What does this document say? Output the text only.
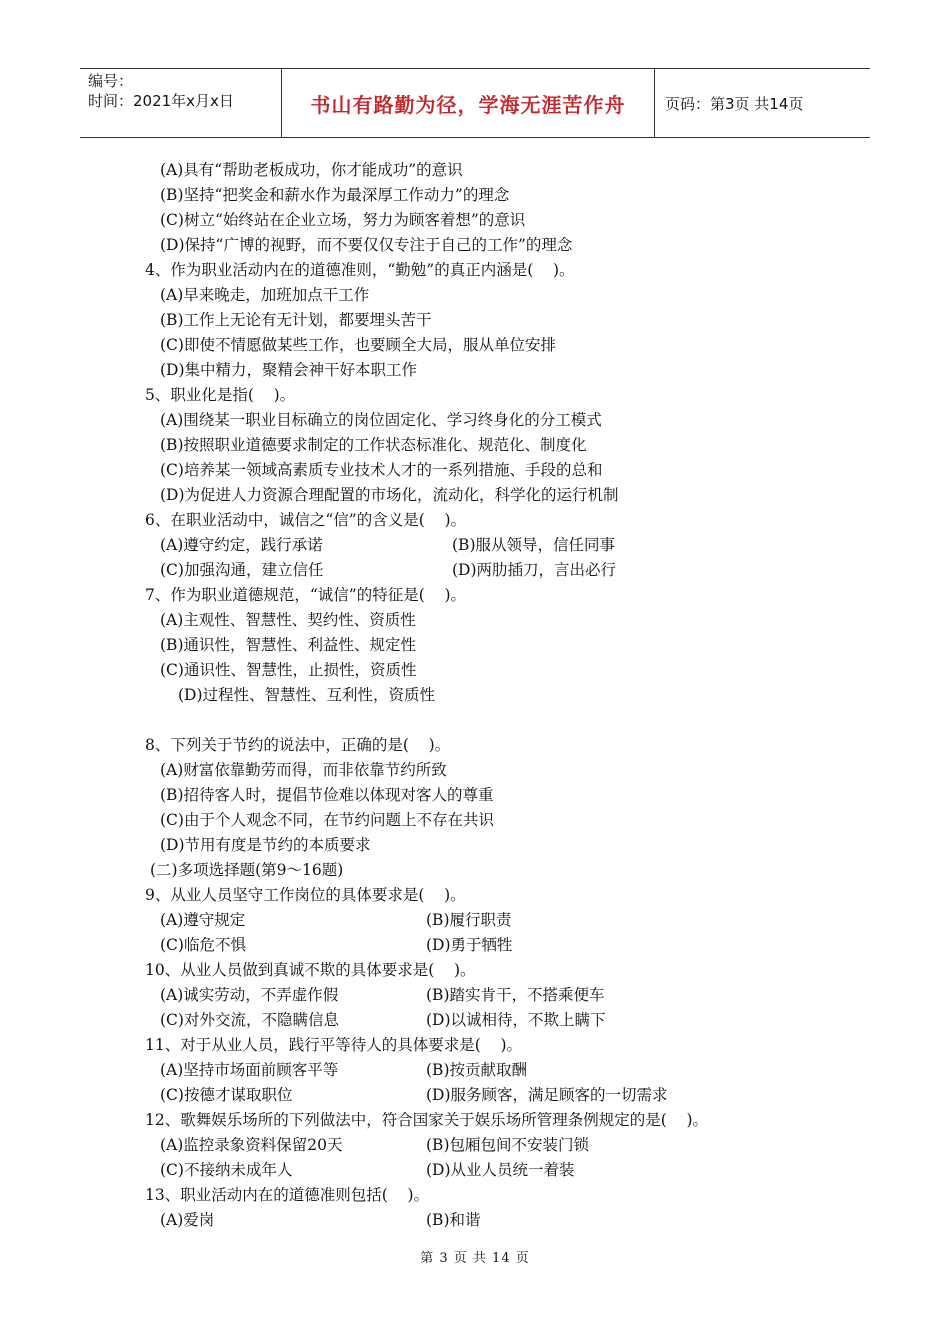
编号：
时间：2021年x月x日	书山有路勤为径，学海无涯苦作舟	页码：第3页 共14页
(A)具有“帮助老板成功，你才能成功”的意识
(B)坚持“把奖金和薪水作为最深厚工作动力”的理念
(C)树立“始终站在企业立场，努力为顾客着想”的意识
(D)保持“广博的视野，而不要仅仅专注于自己的工作”的理念
4、作为职业活动内在的道德准则，“勤勉”的真正内涵是(    )。
(A)早来晚走，加班加点干工作
(B)工作上无论有无计划，都要埋头苦干
(C)即使不情愿做某些工作，也要顾全大局，服从单位安排
(D)集中精力，聚精会神干好本职工作
5、职业化是指(    )。
(A)围绕某一职业目标确立的岗位固定化、学习终身化的分工模式
(B)按照职业道德要求制定的工作状态标准化、规范化、制度化
(C)培养某一领域高素质专业技术人才的一系列措施、手段的总和
(D)为促进人力资源合理配置的市场化，流动化，科学化的运行机制
6、在职业活动中，诚信之“信”的含义是(    )。
(A)遵守约定，践行承诺	(B)服从领导，信任同事
(C)加强沟通，建立信任	(D)两肋插刀，言出必行
7、作为职业道德规范，“诚信”的特征是(    )。
(A)主观性、智慧性、契约性、资质性
(B)通识性，智慧性、利益性、规定性
(C)通识性、智慧性，止损性，资质性
(D)过程性、智慧性、互利性，资质性
8、下列关于节约的说法中，正确的是(    )。
(A)财富依靠勤劳而得，而非依靠节约所致
(B)招待客人时，提倡节俭难以体现对客人的尊重
(C)由于个人观念不同，在节约问题上不存在共识
(D)节用有度是节约的本质要求
(二)多项选择题(第9～16题)
9、从业人员坚守工作岗位的具体要求是(    )。
(A)遵守规定	(B)履行职责
(C)临危不惧	(D)勇于牺牲
10、从业人员做到真诚不欺的具体要求是(    )。
(A)诚实劳动，不弄虚作假	(B)踏实肯干，不搭乘便车
(C)对外交流，不隐瞒信息	(D)以诚相待，不欺上瞒下
11、对于从业人员，践行平等待人的具体要求是(    )。
(A)坚持市场面前顾客平等	(B)按贡献取酬
(C)按德才谋取职位	(D)服务顾客，满足顾客的一切需求
12、歌舞娱乐场所的下列做法中，符合国家关于娱乐场所管理条例规定的是(    )。
(A)监控录象资料保留20天	(B)包厢包间不安装门锁
(C)不接纳未成年人	(D)从业人员统一着装
13、职业活动内在的道德准则包括(    )。
(A)爱岗	(B)和谐
第 3 页 共 14 页
